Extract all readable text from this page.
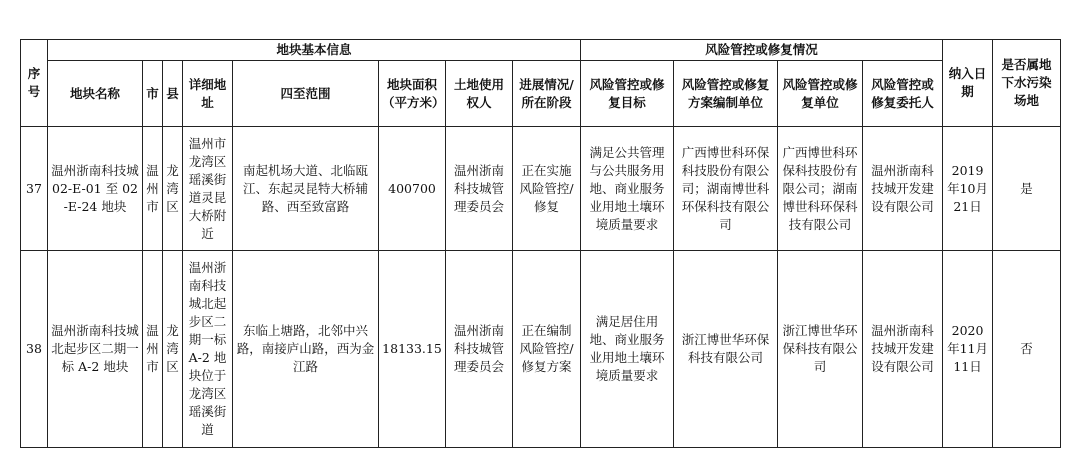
序号	地块基本信息								风险管控或修复情况				纳入日期	是否属地下水污染场地
	地块名称	市	县	详细地址	四至范围	地块面积（平方米）	土地使用权人	进展情况/所在阶段	风险管控或修复目标	风险管控或修复方案编制单位	风险管控或修复单位	风险管控或修复委托人		
37	温州浙南科技城 02-E-01 至 02-E-24 地块	温州市	龙湾区	温州市龙湾区瑶溪街道灵昆大桥附近	南起机场大道、北临瓯江、东起灵昆特大桥辅路、西至致富路	400700	温州浙南科技城管理委员会	正在实施风险管控/修复	满足公共管理与公共服务用地、商业服务业用地土壤环境质量要求	广西博世科环保科技股份有限公司；湖南博世科环保科技有限公司	广西博世科环保科技股份有限公司；湖南博世科环保科技有限公司	温州浙南科技城开发建设有限公司	2019年10月21日	是
38	温州浙南科技城北起步区二期一标 A-2 地块	温州市	龙湾区	温州浙南科技城北起步区二期一标 A-2 地块位于龙湾区瑶溪街道	东临上塘路，北邻中兴路，南接庐山路，西为金江路	18133.15	温州浙南科技城管理委员会	正在编制风险管控/修复方案	满足居住用地、商业服务业用地土壤环境质量要求	浙江博世华环保科技有限公司	浙江博世华环保科技有限公司	温州浙南科技城开发建设有限公司	2020年11月11日	否
